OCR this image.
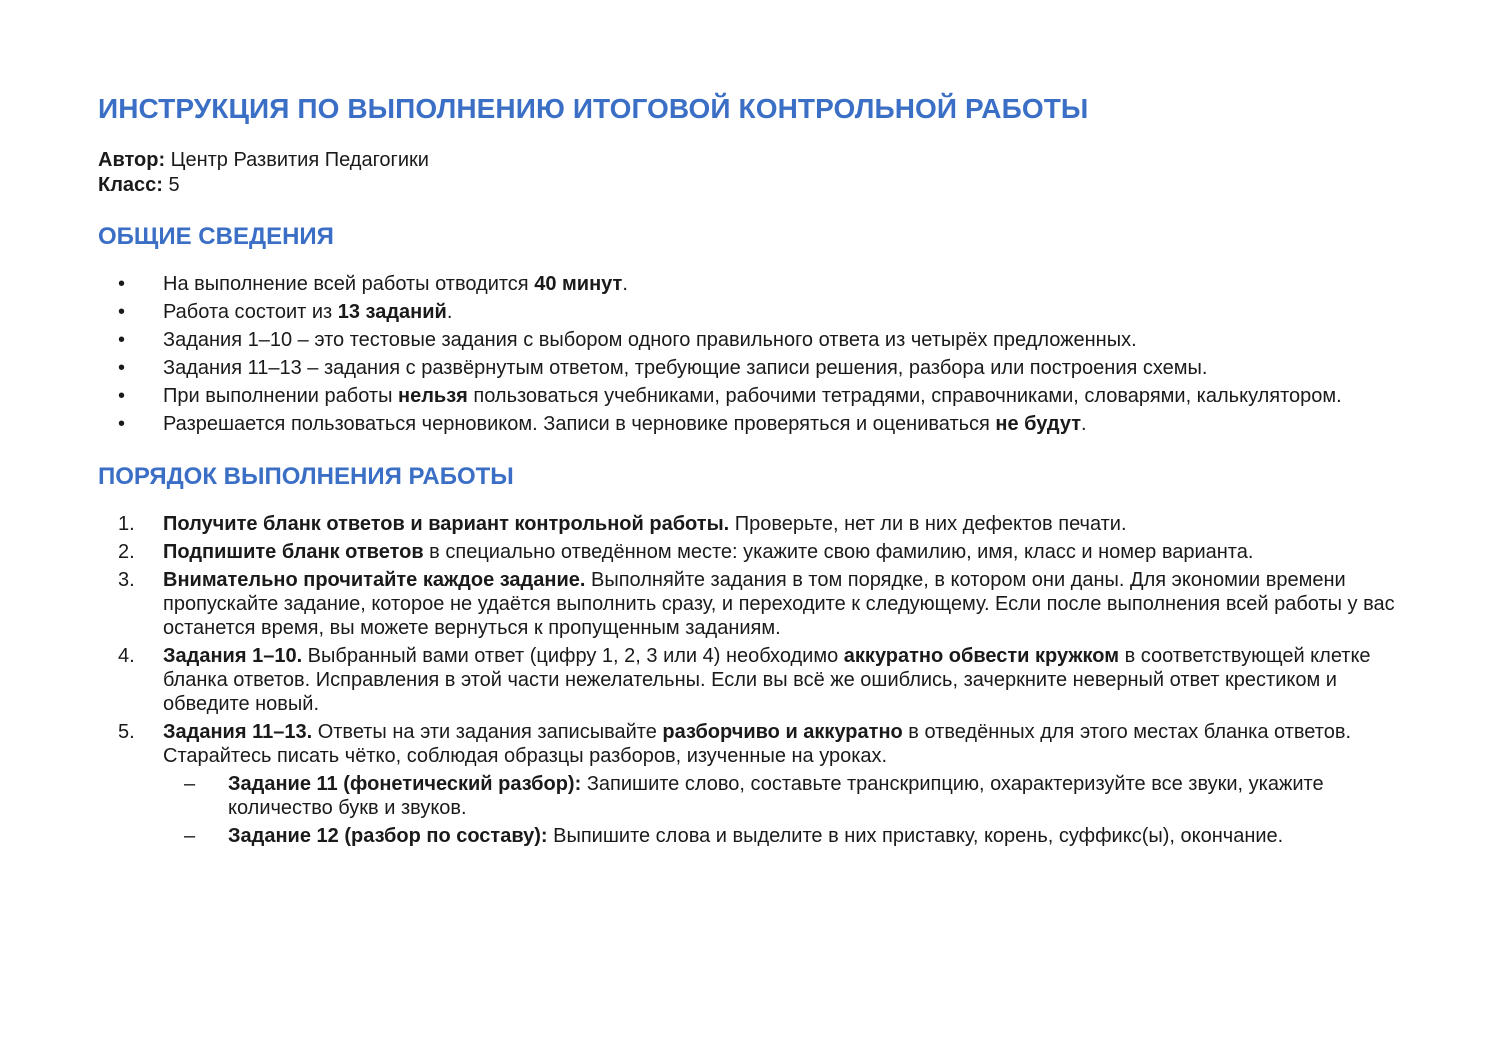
ИНСТРУКЦИЯ ПО ВЫПОЛНЕНИЮ ИТОГОВОЙ КОНТРОЛЬНОЙ РАБОТЫ
Автор: Центр Развития Педагогики
Класс: 5
ОБЩИЕ СВЕДЕНИЯ
• На выполнение всей работы отводится 40 минут.
• Работа состоит из 13 заданий.
• Задания 1–10 – это тестовые задания с выбором одного правильного ответа из четырёх предложенных.
• Задания 11–13 – задания с развёрнутым ответом, требующие записи решения, разбора или построения схемы.
• При выполнении работы нельзя пользоваться учебниками, рабочими тетрадями, справочниками, словарями, калькулятором.
• Разрешается пользоваться черновиком. Записи в черновике проверяться и оцениваться не будут.
ПОРЯДОК ВЫПОЛНЕНИЯ РАБОТЫ
1. Получите бланк ответов и вариант контрольной работы. Проверьте, нет ли в них дефектов печати.
2. Подпишите бланк ответов в специально отведённом месте: укажите свою фамилию, имя, класс и номер варианта.
3. Внимательно прочитайте каждое задание. Выполняйте задания в том порядке, в котором они даны. Для экономии времени пропускайте задание, которое не удаётся выполнить сразу, и переходите к следующему. Если после выполнения всей работы у вас останется время, вы можете вернуться к пропущенным заданиям.
4. Задания 1–10. Выбранный вами ответ (цифру 1, 2, 3 или 4) необходимо аккуратно обвести кружком в соответствующей клетке бланка ответов. Исправления в этой части нежелательны. Если вы всё же ошиблись, зачеркните неверный ответ крестиком и обведите новый.
5. Задания 11–13. Ответы на эти задания записывайте разборчиво и аккуратно в отведённых для этого местах бланка ответов. Старайтесь писать чётко, соблюдая образцы разборов, изученные на уроках.
– Задание 11 (фонетический разбор): Запишите слово, составьте транскрипцию, охарактеризуйте все звуки, укажите количество букв и звуков.
– Задание 12 (разбор по составу): Выпишите слова и выделите в них приставку, корень, суффикс(ы), окончание.
